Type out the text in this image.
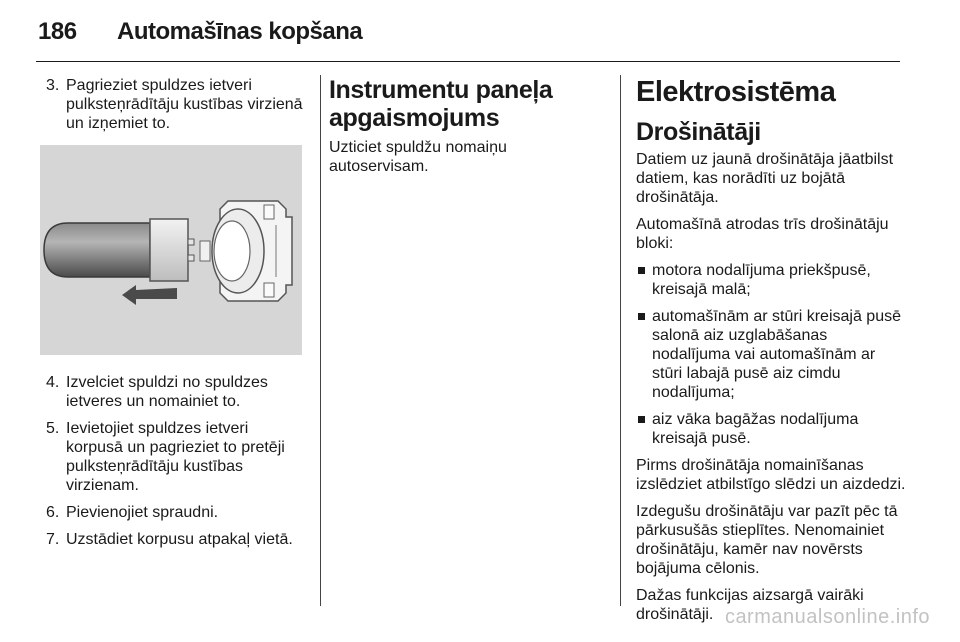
186 Automašīnas kopšana
3. Pagrieziet spuldzes ietveri pulksteņrādītāju kustības virzienā un izņemiet to.
4. Izvelciet spuldzi no spuldzes ietveres un nomainiet to.
5. Ievietojiet spuldzes ietveri korpusā un pagrieziet to pretēji pulksteņrādītāju kustības virzienam.
6. Pievienojiet spraudni.
7. Uzstādiet korpusu atpakaļ vietā.
Instrumentu paneļa apgaismojums

Uzticiet spuldžu nomaiņu autoservisam.

Elektrosistēma
Drošinātāji

Datiem uz jaunā drošinātāja jāatbilst datiem, kas norādīti uz bojātā drošinātāja.

Automašīnā atrodas trīs drošinātāju bloki:

motora nodalījuma priekšpusē, kreisajā malā;
automašīnām ar stūri kreisajā pusē salonā aiz uzglabāšanas nodalījuma vai automašīnām ar stūri labajā pusē aiz cimdu nodalījuma;
aiz vāka bagāžas nodalījuma kreisajā pusē.

Pirms drošinātāja nomainīšanas izslēdziet atbilstīgo slēdzi un aizdedzi.

Izdegušu drošinātāju var pazīt pēc tā pārkusušās stieplītes. Nenomainiet drošinātāju, kamēr nav novērsts bojājuma cēlonis.

Dažas funkcijas aizsargā vairāki drošinātāji. carmanualsonline.info
